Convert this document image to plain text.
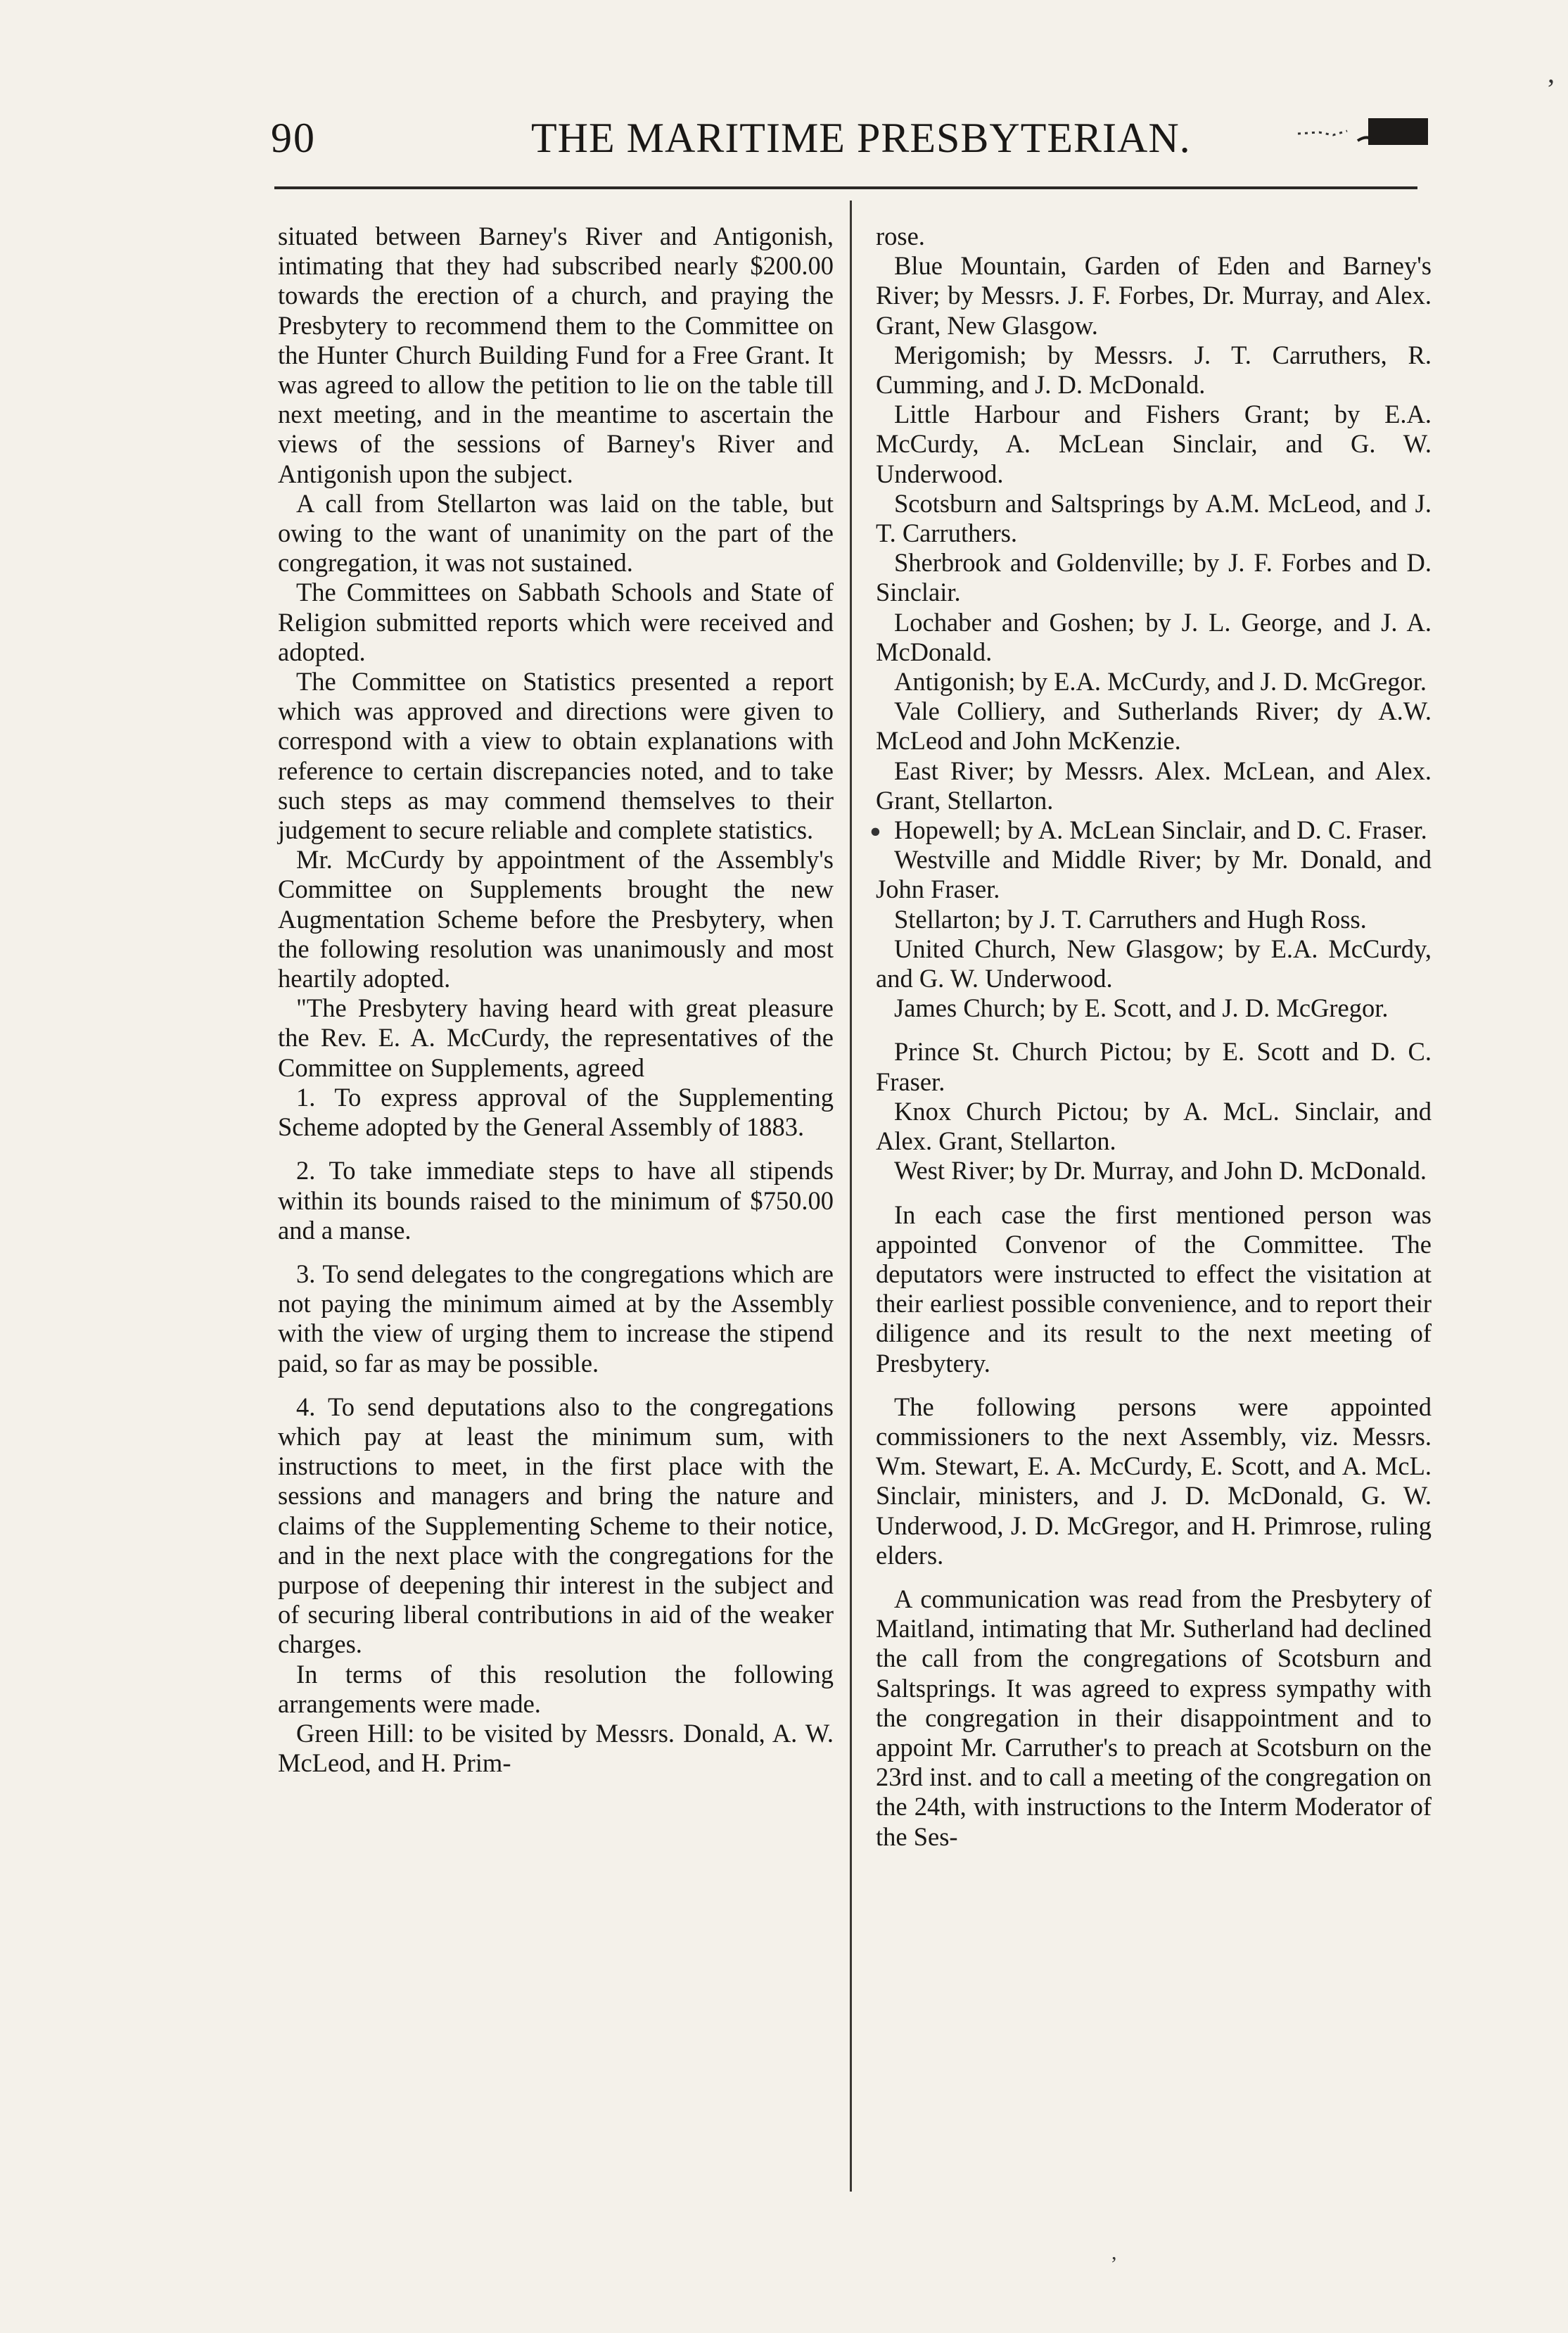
90	THE MARITIME PRESBYTERIAN.

situated between Barney's River and Antigonish, intimating that they had subscribed nearly $200.00 towards the erection of a church, and praying the Presbytery to recommend them to the Committee on the Hunter Church Building Fund for a Free Grant. It was agreed to allow the petition to lie on the table till next meeting, and in the meantime to ascertain the views of the sessions of Barney's River and Antigonish upon the subject.

A call from Stellarton was laid on the table, but owing to the want of unanimity on the part of the congregation, it was not sustained.

The Committees on Sabbath Schools and State of Religion submitted reports which were received and adopted.

The Committee on Statistics presented a report which was approved and directions were given to correspond with a view to obtain explanations with reference to certain discrepancies noted, and to take such steps as may commend themselves to their judgement to secure reliable and complete statistics.

Mr. McCurdy by appointment of the Assembly's Committee on Supplements brought the new Augmentation Scheme before the Presbytery, when the following resolution was unanimously and most heartily adopted.

"The Presbytery having heard with great pleasure the Rev. E. A. McCurdy, the representatives of the Committee on Supplements, agreed

1. To express approval of the Supplementing Scheme adopted by the General Assembly of 1883.

2. To take immediate steps to have all stipends within its bounds raised to the minimum of $750.00 and a manse.

3. To send delegates to the congregations which are not paying the minimum aimed at by the Assembly with the view of urging them to increase the stipend paid, so far as may be possible.

4. To send deputations also to the congregations which pay at least the minimum sum, with instructions to meet, in the first place with the sessions and managers and bring the nature and claims of the Supplementing Scheme to their notice, and in the next place with the congregations for the purpose of deepening thir interest in the subject and of securing liberal contributions in aid of the weaker charges.

In terms of this resolution the following arrangements were made.

Green Hill: to be visited by Messrs. Donald, A. W. McLeod, and H. Prim-

rose.

Blue Mountain, Garden of Eden and Barney's River; by Messrs. J. F. Forbes, Dr. Murray, and Alex. Grant, New Glasgow.

Merigomish; by Messrs. J. T. Carruthers, R. Cumming, and J. D. McDonald.

Little Harbour and Fishers Grant; by E.A. McCurdy, A. McLean Sinclair, and G. W. Underwood.

Scotsburn and Saltsprings by A.M. McLeod, and J. T. Carruthers.

Sherbrook and Goldenville; by J. F. Forbes and D. Sinclair.

Lochaber and Goshen; by J. L. George, and J. A. McDonald.

Antigonish; by E.A. McCurdy, and J. D. McGregor.

Vale Colliery, and Sutherlands River; dy A.W. McLeod and John McKenzie.

East River; by Messrs. Alex. McLean, and Alex. Grant, Stellarton.

Hopewell; by A. McLean Sinclair, and D. C. Fraser.

Westville and Middle River; by Mr. Donald, and John Fraser.

Stellarton; by J. T. Carruthers and Hugh Ross.

United Church, New Glasgow; by E.A. McCurdy, and G. W. Underwood.

James Church; by E. Scott, and J. D. McGregor.

Prince St. Church Pictou; by E. Scott and D. C. Fraser.

Knox Church Pictou; by A. McL. Sinclair, and Alex. Grant, Stellarton.

West River; by Dr. Murray, and John D. McDonald.

In each case the first mentioned person was appointed Convenor of the Committee. The deputators were instructed to effect the visitation at their earliest possible convenience, and to report their diligence and its result to the next meeting of Presbytery.

The following persons were appointed commissioners to the next Assembly, viz. Messrs. Wm. Stewart, E. A. McCurdy, E. Scott, and A. McL. Sinclair, ministers, and J. D. McDonald, G. W. Underwood, J. D. McGregor, and H. Primrose, ruling elders.

A communication was read from the Presbytery of Maitland, intimating that Mr. Sutherland had declined the call from the congregations of Scotsburn and Saltsprings. It was agreed to express sympathy with the congregation in their disappointment and to appoint Mr. Carruther's to preach at Scotsburn on the 23rd inst. and to call a meeting of the congregation on the 24th, with instructions to the Interm Moderator of the Ses-

,
•
,
